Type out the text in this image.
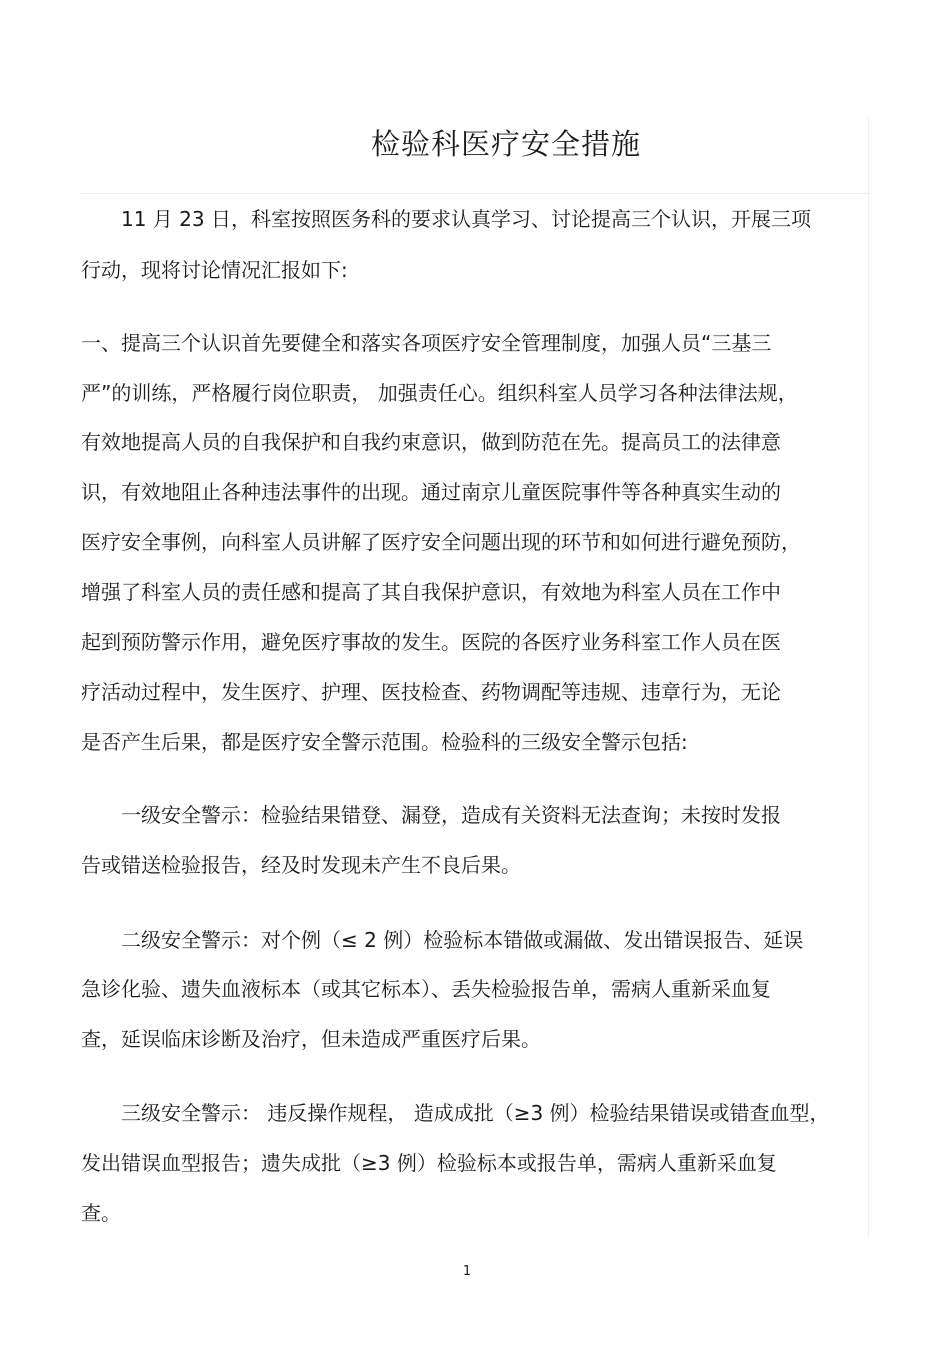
检验科医疗安全措施
11 月 23 日，科室按照医务科的要求认真学习、讨论提高三个认识，开展三项
行动，现将讨论情况汇报如下:
一、提高三个认识首先要健全和落实各项医疗安全管理制度，加强人员“三基三
严”的训练，严格履行岗位职责， 加强责任心。组织科室人员学习各种法律法规，
有效地提高人员的自我保护和自我约束意识，做到防范在先。提高员工的法律意
识，有效地阻止各种违法事件的出现。通过南京儿童医院事件等各种真实生动的
医疗安全事例，向科室人员讲解了医疗安全问题出现的环节和如何进行避免预防，
增强了科室人员的责任感和提高了其自我保护意识，有效地为科室人员在工作中
起到预防警示作用，避免医疗事故的发生。医院的各医疗业务科室工作人员在医
疗活动过程中，发生医疗、护理、医技检查、药物调配等违规、违章行为，无论
是否产生后果，都是医疗安全警示范围。检验科的三级安全警示包括:
一级安全警示：检验结果错登、漏登，造成有关资料无法查询；未按时发报
告或错送检验报告，经及时发现未产生不良后果。
二级安全警示：对个例（≤ 2 例）检验标本错做或漏做、发出错误报告、延误
急诊化验、遗失血液标本（或其它标本）、丢失检验报告单，需病人重新采血复
查，延误临床诊断及治疗，但未造成严重医疗后果。
三级安全警示： 违反操作规程， 造成成批（≥3 例）检验结果错误或错查血型，
发出错误血型报告；遗失成批（≥3 例）检验标本或报告单，需病人重新采血复
查。
1
